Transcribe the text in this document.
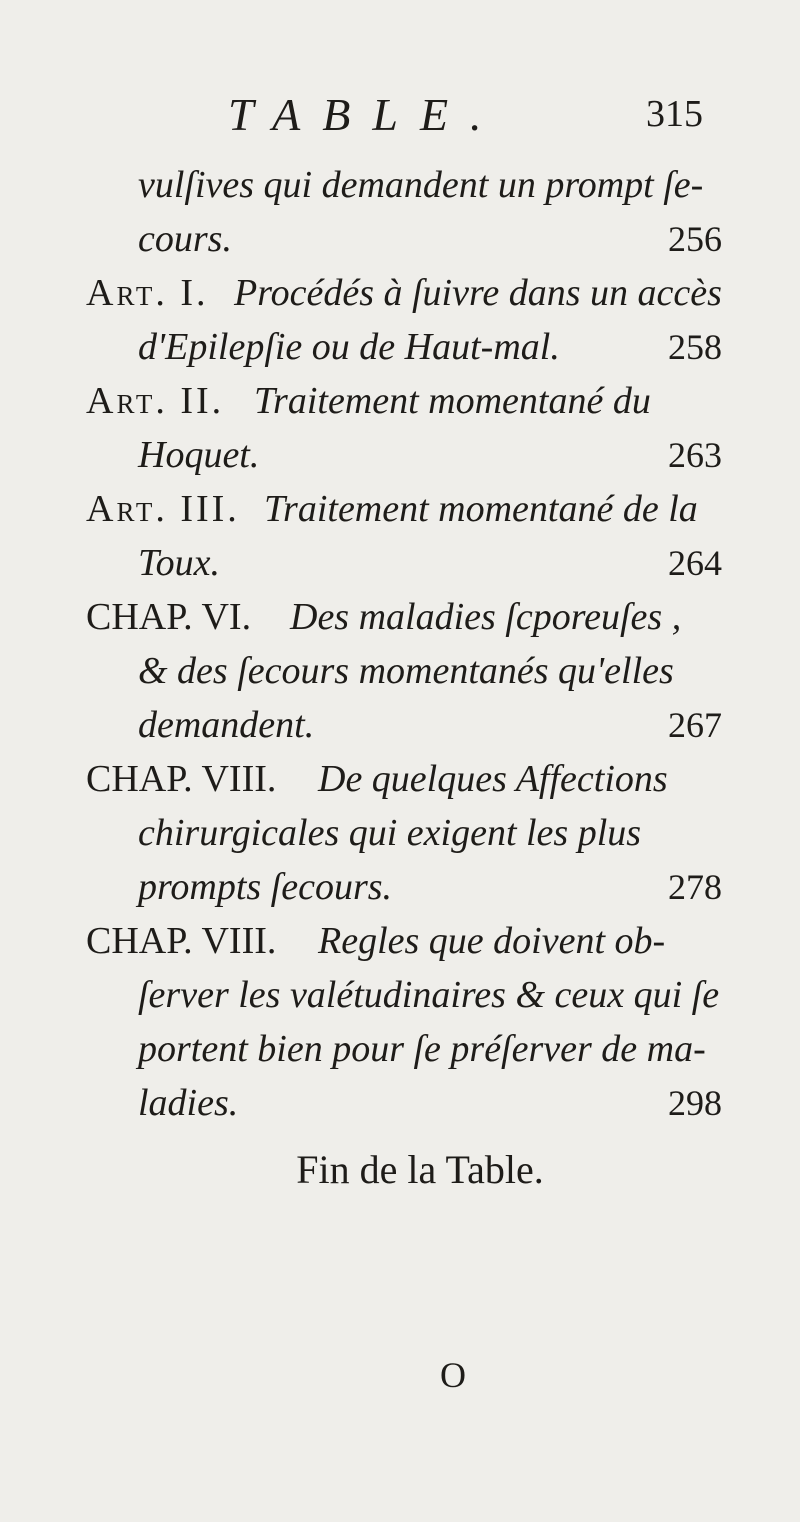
TABLE.	315
vulſives qui demandent un prompt ſe-
cours.	256
Art. I. Procédés à ſuivre dans un accès
d'Epilepſie ou de Haut-mal.	258
Art. II. Traitement momentané du
Hoquet.	263
Art. III. Traitement momentané de la
Toux.	264
CHAP. VI. Des maladies ſcporeuſes ,
& des ſecours momentanés qu'elles
demandent.	267
CHAP. VIII. De quelques Affections
chirurgicales qui exigent les plus
prompts ſecours.	278
CHAP. VIII. Regles que doivent ob-
ſerver les valétudinaires & ceux qui ſe
portent bien pour ſe préſerver de ma-
ladies.	298
Fin de la Table.
O
